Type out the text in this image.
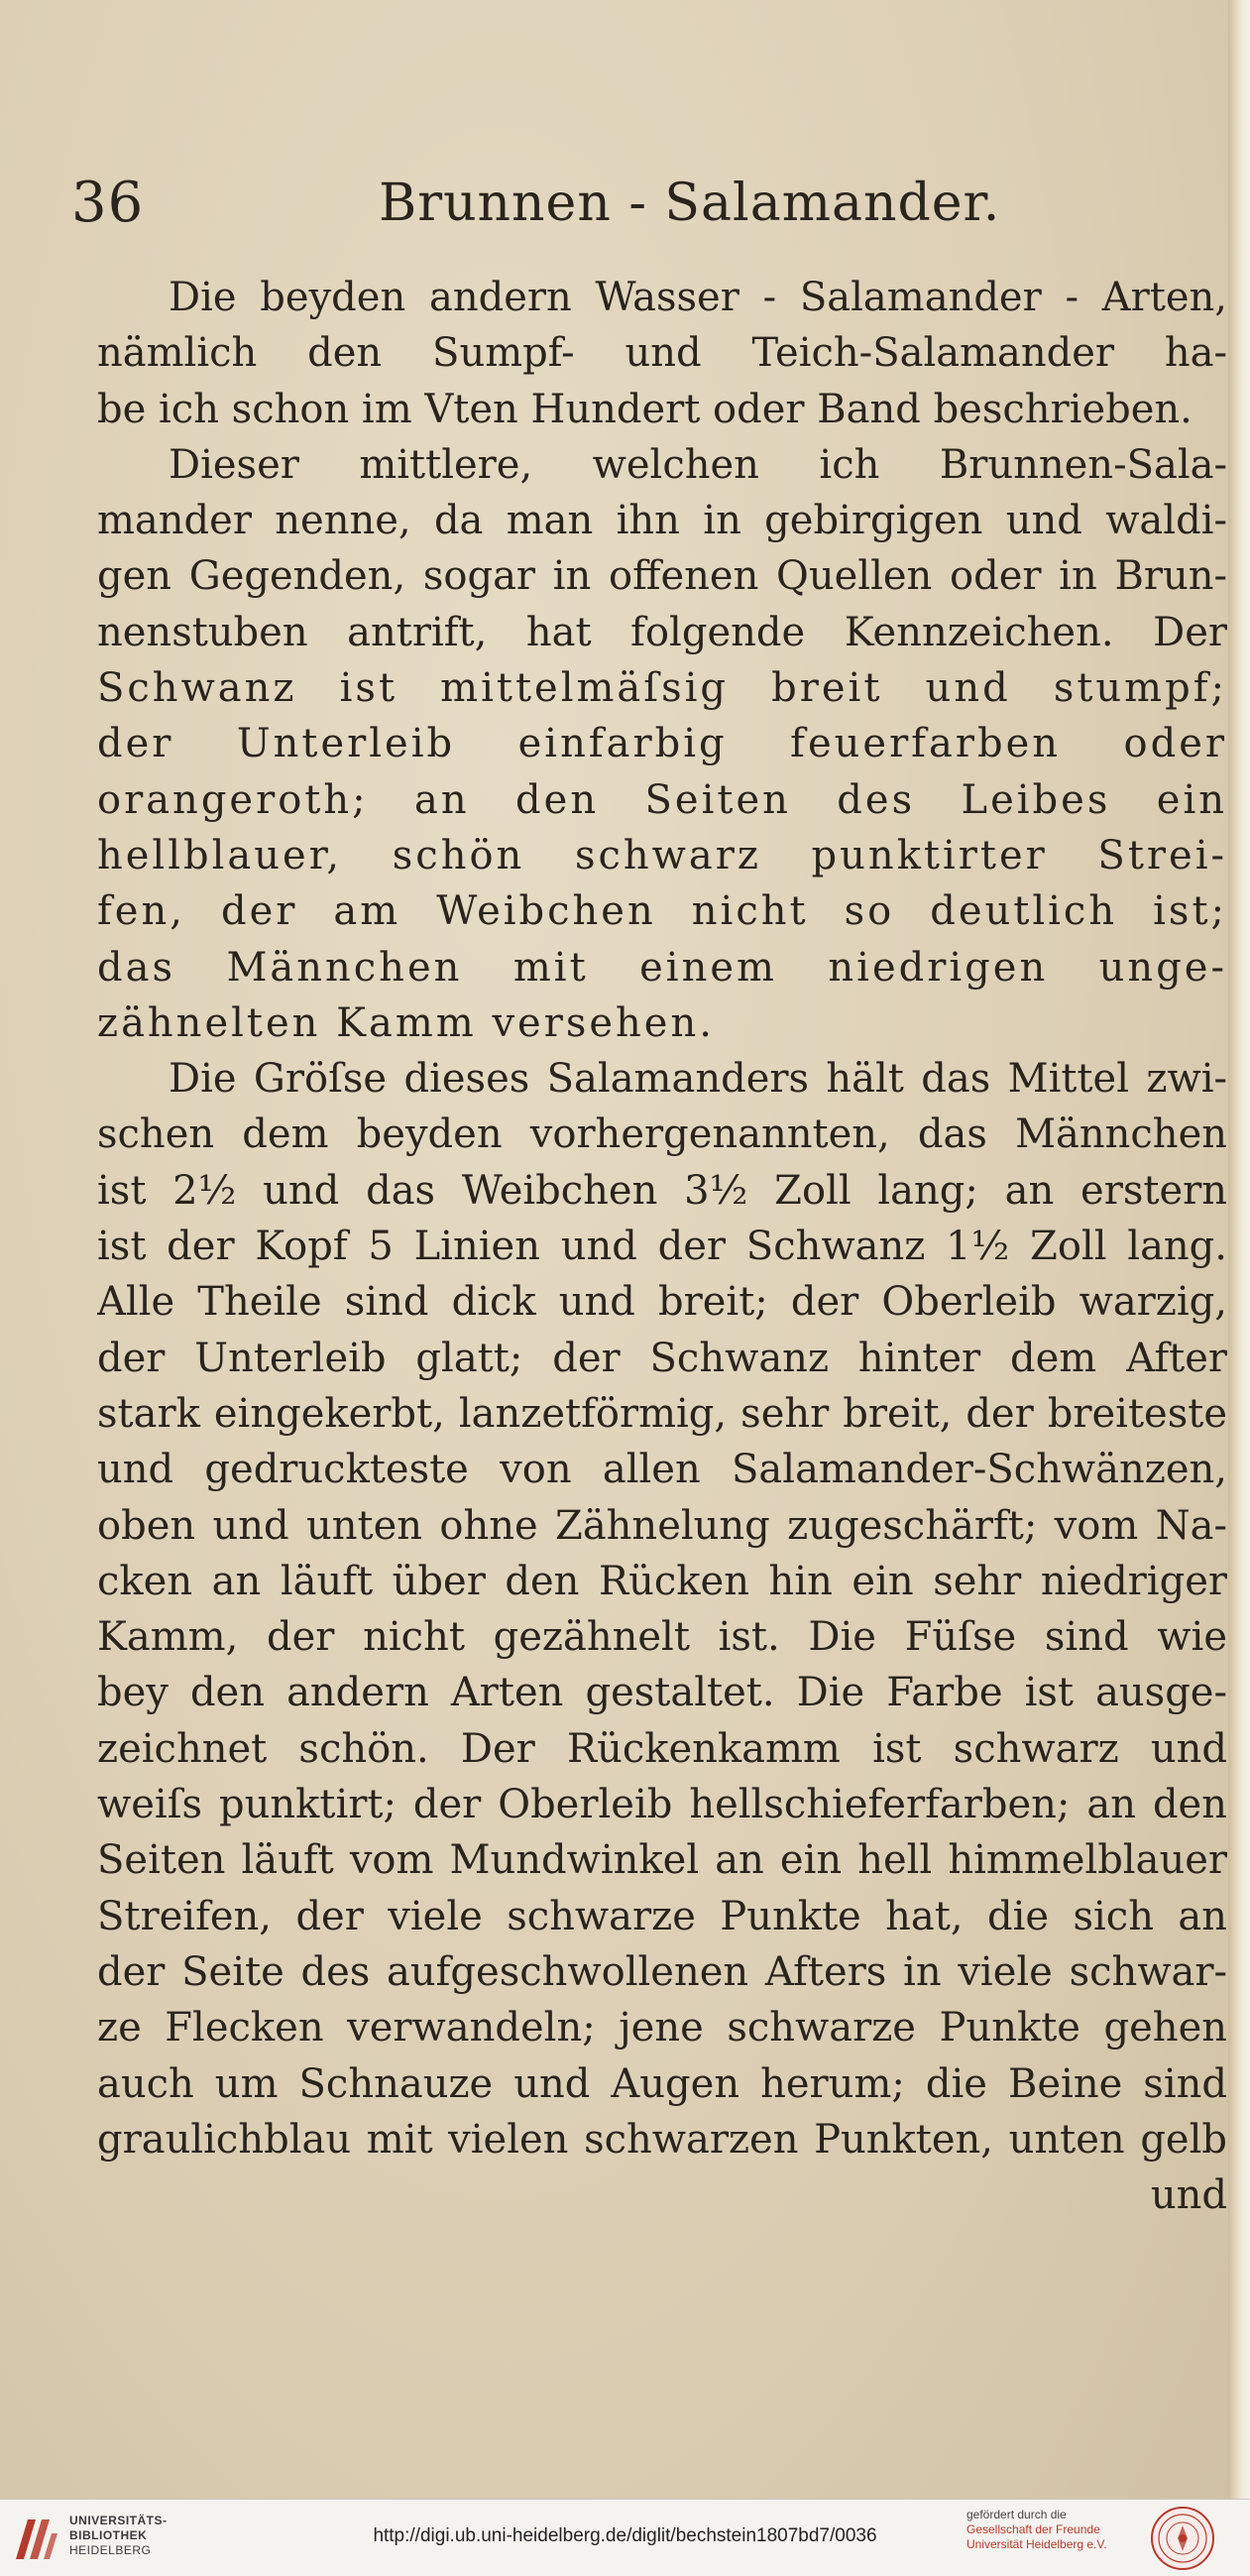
36	Brunnen - Salamander.
Die beyden andern Wasser - Salamander - Arten,
nämlich den Sumpf- und Teich-Salamander ha-
be ich schon im Vten Hundert oder Band beschrieben.
Dieser mittlere, welchen ich Brunnen-Sala-
mander nenne, da man ihn in gebirgigen und waldi-
gen Gegenden, sogar in offenen Quellen oder in Brun-
nenstuben antrift, hat folgende Kennzeichen. Der
Schwanz ist mittelmäſsig breit und stumpf;
der Unterleib einfarbig feuerfarben oder
orangeroth; an den Seiten des Leibes ein
hellblauer, schön schwarz punktirter Strei-
fen, der am Weibchen nicht so deutlich ist;
das Männchen mit einem niedrigen unge-
zähnelten Kamm versehen.
Die Gröſse dieses Salamanders hält das Mittel zwi-
schen dem beyden vorhergenannten, das Männchen
ist 2½ und das Weibchen 3½ Zoll lang; an erstern
ist der Kopf 5 Linien und der Schwanz 1½ Zoll lang.
Alle Theile sind dick und breit; der Oberleib warzig,
der Unterleib glatt; der Schwanz hinter dem After
stark eingekerbt, lanzetförmig, sehr breit, der breiteste
und gedruckteste von allen Salamander-Schwänzen,
oben und unten ohne Zähnelung zugeschärft; vom Na-
cken an läuft über den Rücken hin ein sehr niedriger
Kamm, der nicht gezähnelt ist. Die Füſse sind wie
bey den andern Arten gestaltet. Die Farbe ist ausge-
zeichnet schön. Der Rückenkamm ist schwarz und
weiſs punktirt; der Oberleib hellschieferfarben; an den
Seiten läuft vom Mundwinkel an ein hell himmelblauer
Streifen, der viele schwarze Punkte hat, die sich an
der Seite des aufgeschwollenen Afters in viele schwar-
ze Flecken verwandeln; jene schwarze Punkte gehen
auch um Schnauze und Augen herum; die Beine sind
graulichblau mit vielen schwarzen Punkten, unten gelb
und
UNIVERSITÄTS-
BIBLIOTHEK
HEIDELBERG
http://digi.ub.uni-heidelberg.de/diglit/bechstein1807bd7/0036
gefördert durch die
Gesellschaft der Freunde
Universität Heidelberg e.V.
